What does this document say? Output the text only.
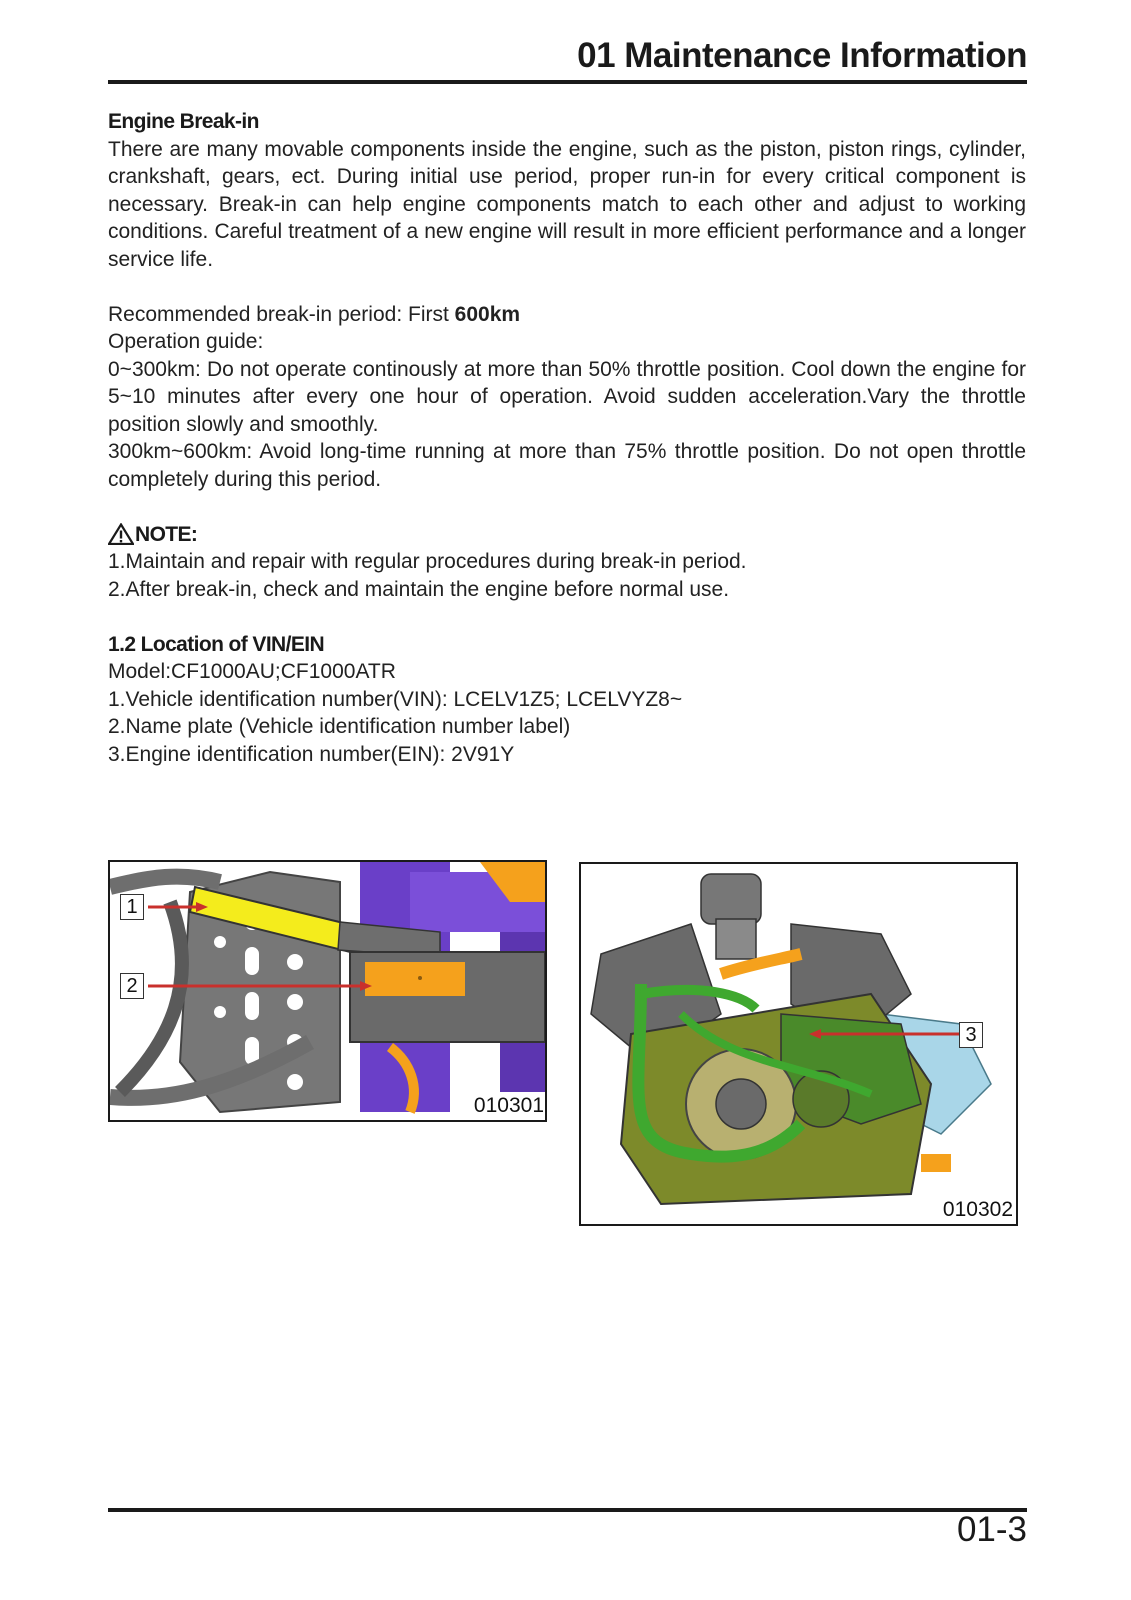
01 Maintenance Information

Engine Break-in

There are many movable components inside the engine, such as the piston, piston rings, cylinder, crankshaft, gears, ect. During initial use period, proper run-in for every critical component is necessary. Break-in can help engine components match to each other and adjust to working conditions. Careful treatment of a new engine will result in more efficient performance and a longer service life.

Recommended break-in period: First 600km

Operation guide:

0~300km: Do not operate continously at more than 50% throttle position. Cool down the engine for 5~10 minutes after every one hour of operation. Avoid sudden acceleration.Vary the throttle position slowly and smoothly.

300km~600km: Avoid long-time running at more than 75% throttle position. Do not open throttle completely during this period.

NOTE:

1.Maintain and repair with regular procedures during break-in period.

2.After break-in, check and maintain the engine before normal use.

1.2 Location of VIN/EIN

Model:CF1000AU;CF1000ATR

1.Vehicle identification number(VIN): LCELV1Z5; LCELVYZ8~

2.Name plate (Vehicle identification number label)

3.Engine identification number(EIN): 2V91Y

1
2
010301
3
010302
01-3
